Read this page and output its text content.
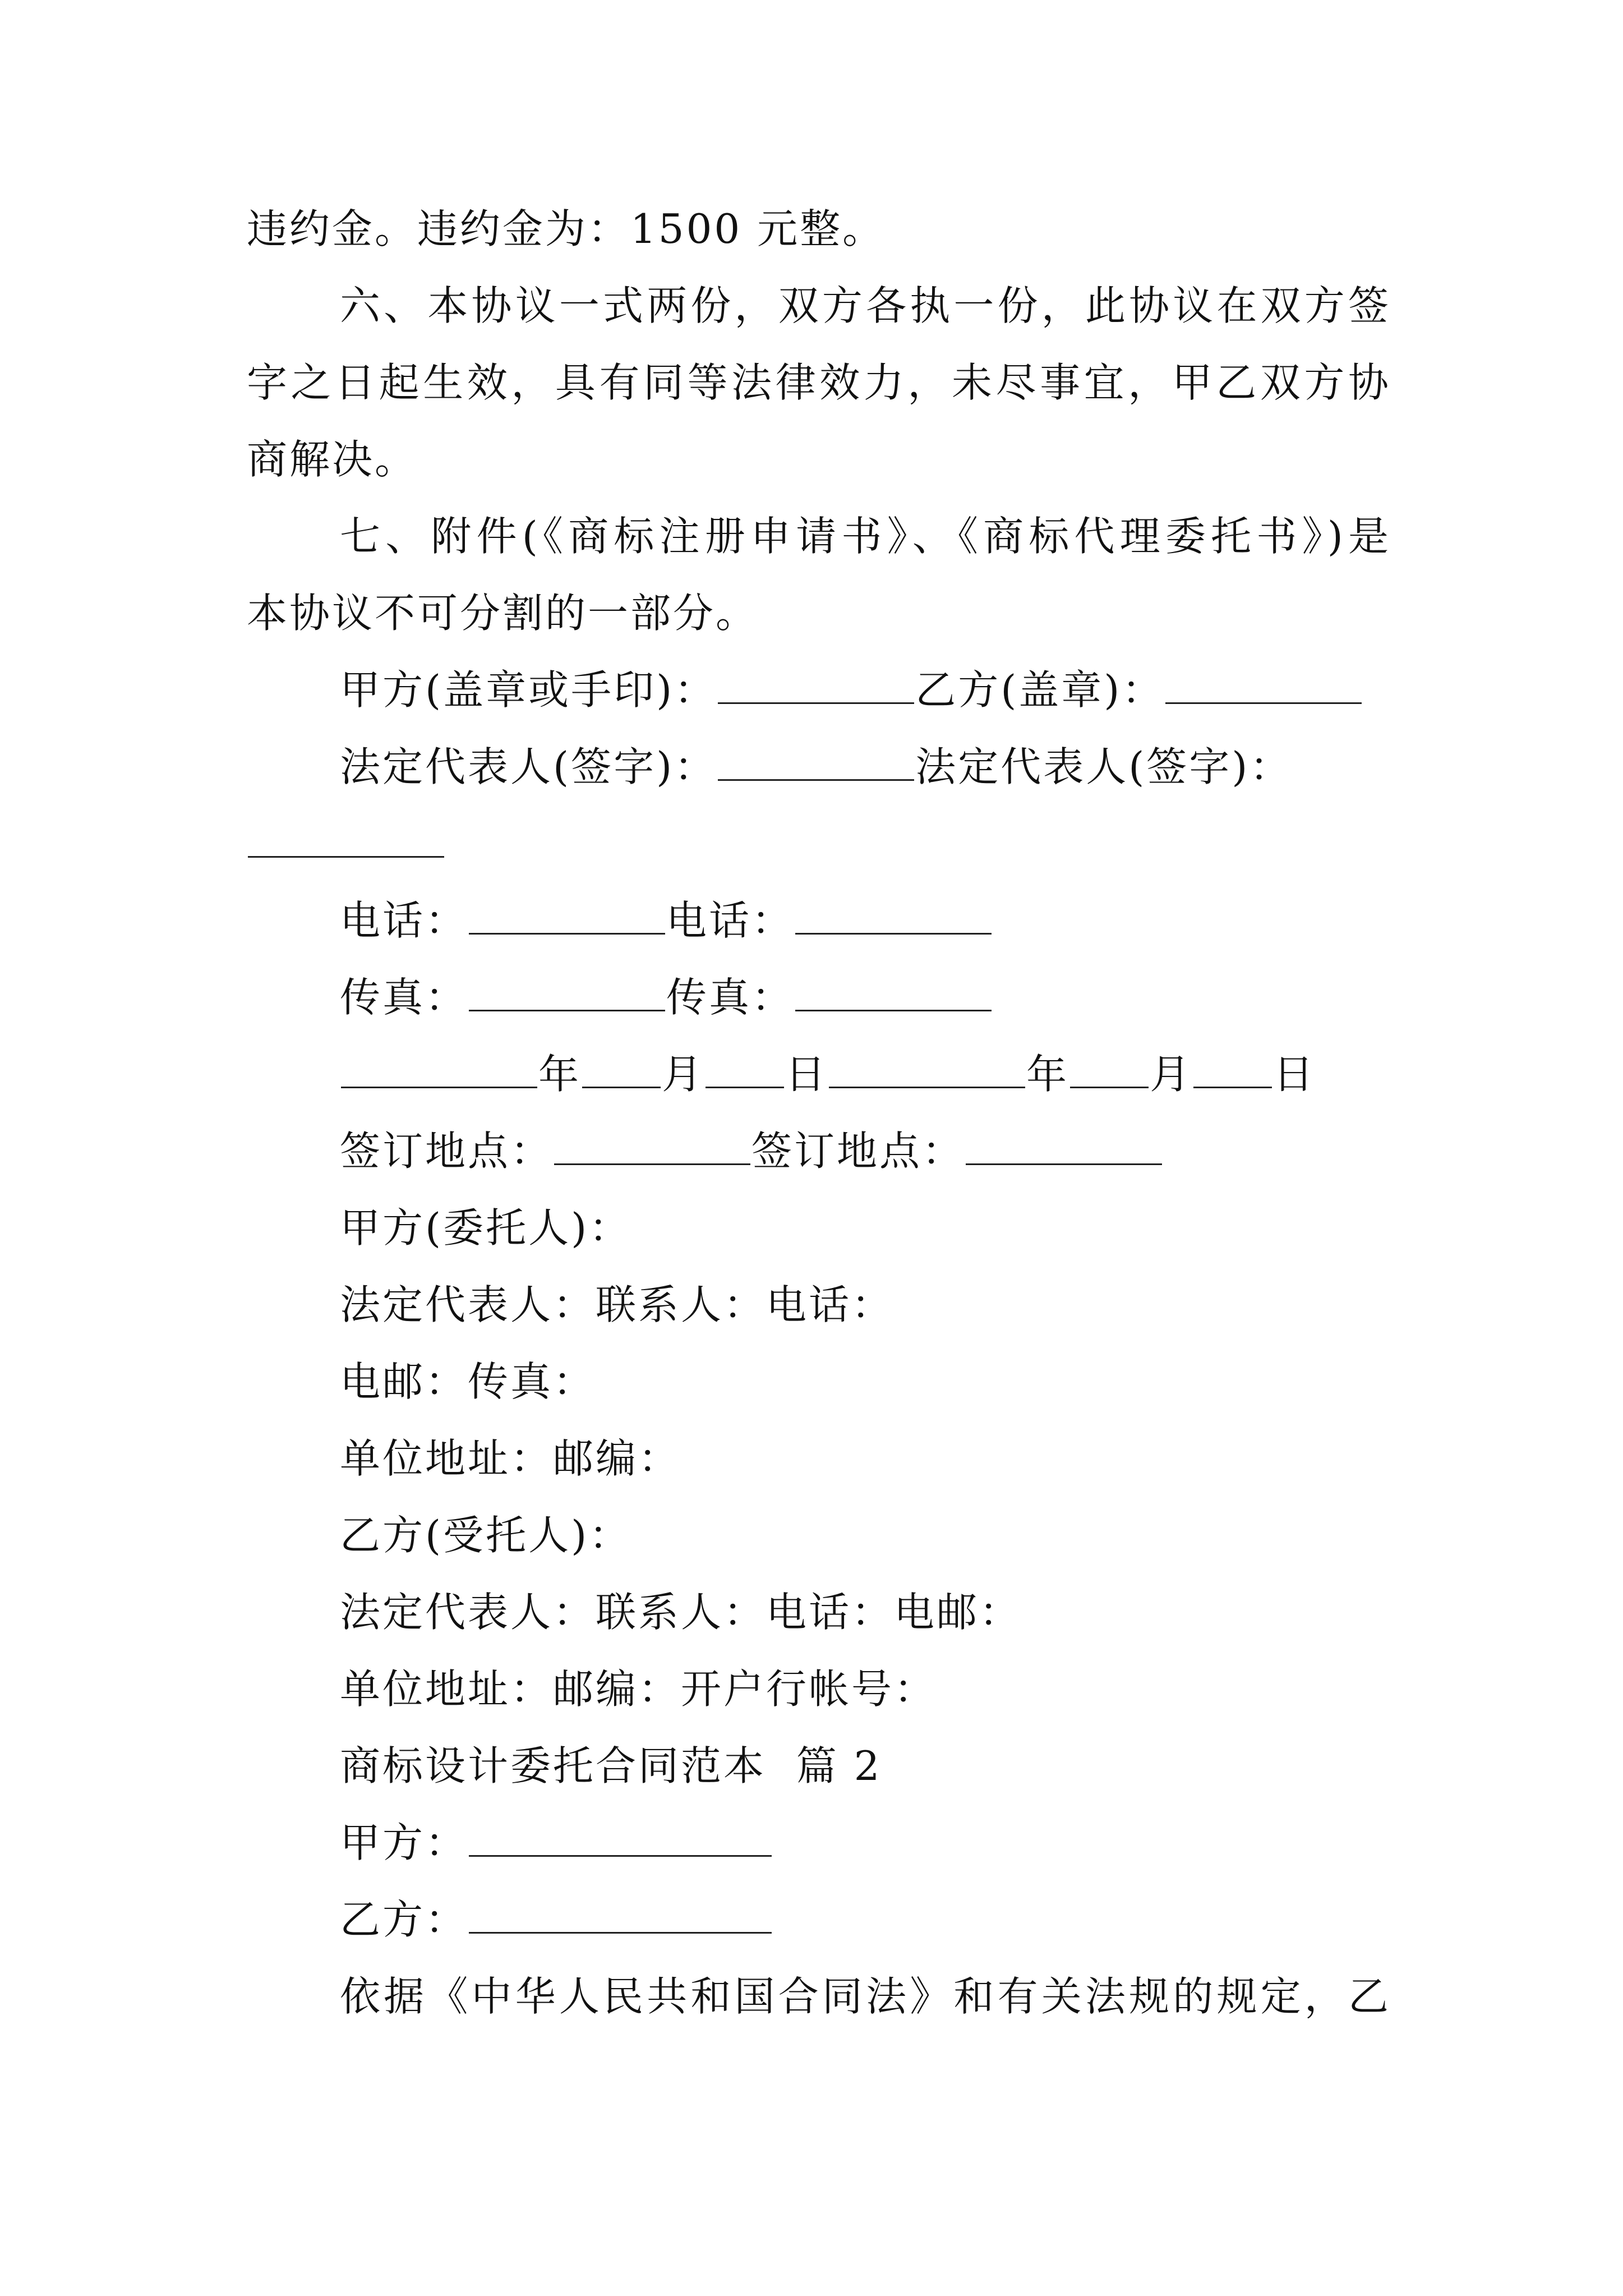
违约金。违约金为：1500 元整。
六、本协议一式两份，双方各执一份，此协议在双方签
字之日起生效，具有同等法律效力，未尽事宜，甲乙双方协
商解决。
七、附件(《商标注册申请书》、《商标代理委托书》)是
本协议不可分割的一部分。
甲方(盖章或手印)：	乙方(盖章)：
法定代表人(签字)：	法定代表人(签字)：
电话：	电话：
传真：	传真：
年 月 日	年 月 日
签订地点：	签订地点：
甲方(委托人)：
法定代表人：联系人：电话：
电邮：传真：
单位地址：邮编：
乙方(受托人)：
法定代表人：联系人：电话：电邮：
单位地址：邮编：开户行帐号：
商标设计委托合同范本  篇 2
甲方：
乙方：
依据《中华人民共和国合同法》和有关法规的规定，乙
